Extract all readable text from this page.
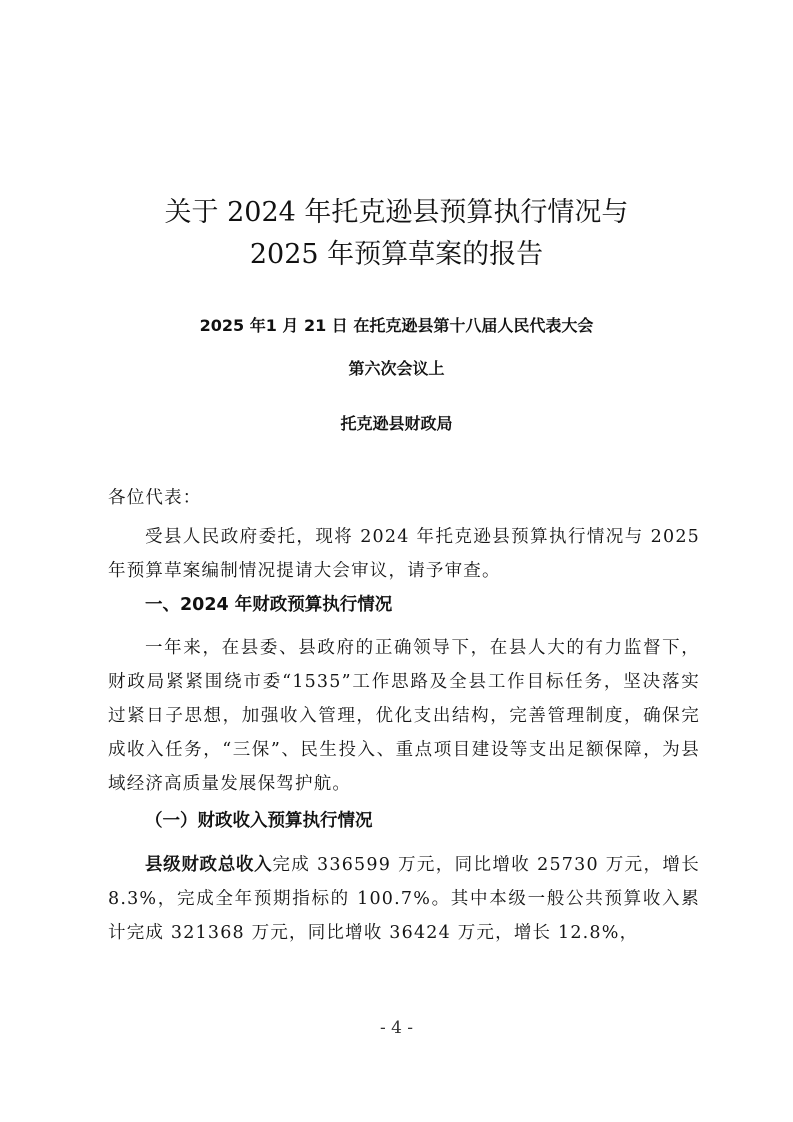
关于 2024 年托克逊县预算执行情况与
2025 年预算草案的报告
2025 年1 月 21 日 在托克逊县第十八届人民代表大会
第六次会议上
托克逊县财政局
各位代表：
受县人民政府委托，现将 2024 年托克逊县预算执行情况与 2025 年预算草案编制情况提请大会审议，请予审查。
一、2024 年财政预算执行情况
一年来，在县委、县政府的正确领导下，在县人大的有力监督下，财政局紧紧围绕市委“1535”工作思路及全县工作目标任务，坚决落实过紧日子思想，加强收入管理，优化支出结构，完善管理制度，确保完成收入任务，“三保”、民生投入、重点项目建设等支出足额保障，为县域经济高质量发展保驾护航。
（一）财政收入预算执行情况
县级财政总收入完成 336599 万元，同比增收 25730 万元，增长 8.3%，完成全年预期指标的 100.7%。其中本级一般公共预算收入累计完成 321368 万元，同比增收 36424 万元，增长 12.8%，
- 4 -
